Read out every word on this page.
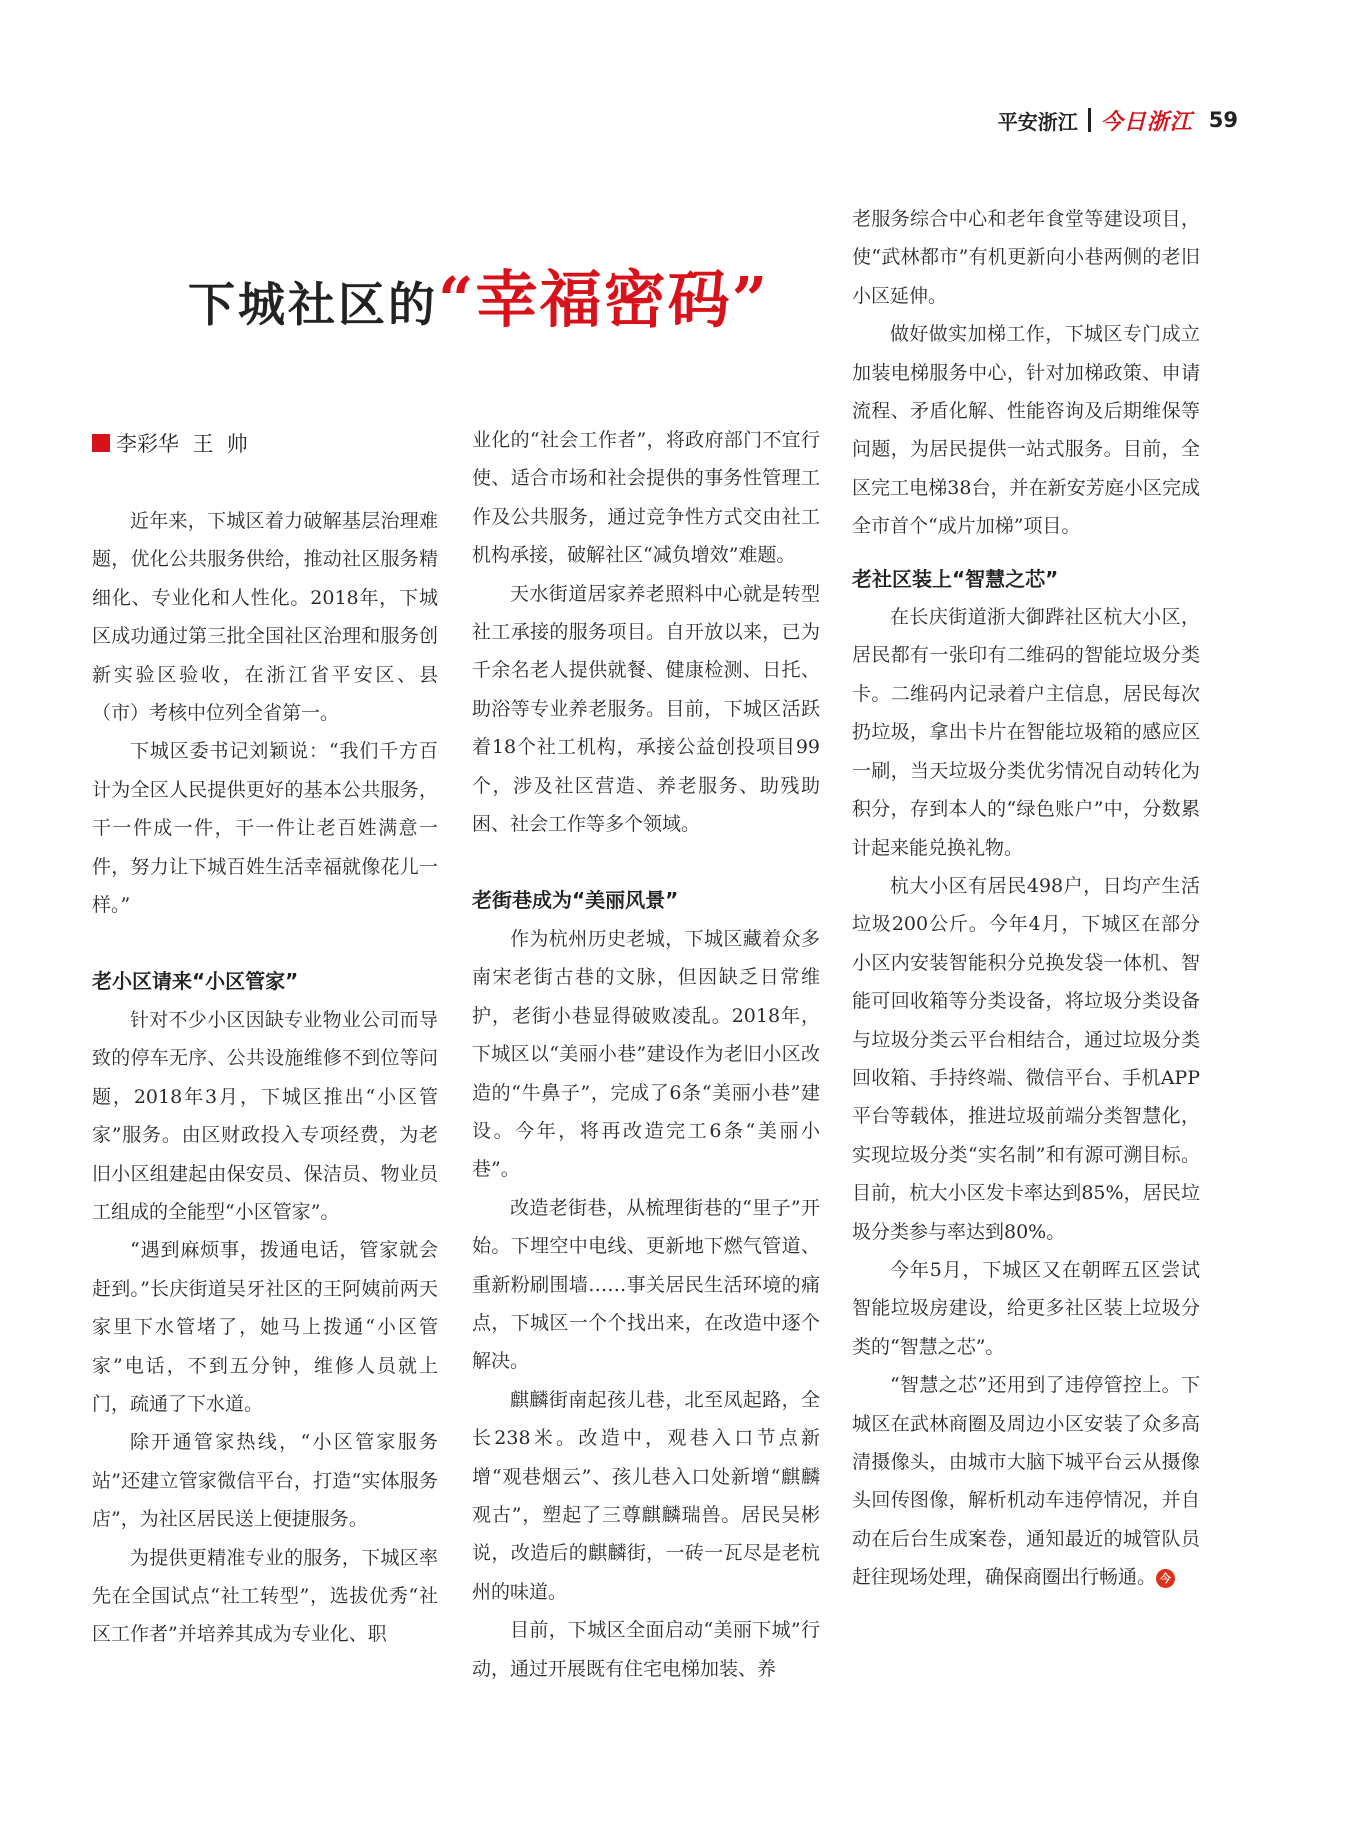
平安浙江 今日浙江 59
下城社区的“幸福密码”
李彩华  王  帅

近年来，下城区着力破解基层治理难题，优化公共服务供给，推动社区服务精细化、专业化和人性化。2018年，下城区成功通过第三批全国社区治理和服务创新实验区验收，在浙江省平安区、县（市）考核中位列全省第一。

下城区委书记刘颖说：“我们千方百计为全区人民提供更好的基本公共服务，干一件成一件，干一件让老百姓满意一件，努力让下城百姓生活幸福就像花儿一样。”

老小区请来“小区管家”

针对不少小区因缺专业物业公司而导致的停车无序、公共设施维修不到位等问题，2018年3月，下城区推出“小区管家”服务。由区财政投入专项经费，为老旧小区组建起由保安员、保洁员、物业员工组成的全能型“小区管家”。

“遇到麻烦事，拨通电话，管家就会赶到。”长庆街道吴牙社区的王阿姨前两天家里下水管堵了，她马上拨通“小区管家”电话，不到五分钟，维修人员就上门，疏通了下水道。

除开通管家热线，“小区管家服务站”还建立管家微信平台，打造“实体服务店”，为社区居民送上便捷服务。

为提供更精准专业的服务，下城区率先在全国试点“社工转型”，选拔优秀“社区工作者”并培养其成为专业化、职

业化的“社会工作者”，将政府部门不宜行使、适合市场和社会提供的事务性管理工作及公共服务，通过竞争性方式交由社工机构承接，破解社区“减负增效”难题。

天水街道居家养老照料中心就是转型社工承接的服务项目。自开放以来，已为千余名老人提供就餐、健康检测、日托、助浴等专业养老服务。目前，下城区活跃着18个社工机构，承接公益创投项目99个，涉及社区营造、养老服务、助残助困、社会工作等多个领域。

老街巷成为“美丽风景”

作为杭州历史老城，下城区藏着众多南宋老街古巷的文脉，但因缺乏日常维护，老街小巷显得破败凌乱。2018年，下城区以“美丽小巷”建设作为老旧小区改造的“牛鼻子”，完成了6条“美丽小巷”建设。今年，将再改造完工6条“美丽小巷”。

改造老街巷，从梳理街巷的“里子”开始。下埋空中电线、更新地下燃气管道、重新粉刷围墙……事关居民生活环境的痛点，下城区一个个找出来，在改造中逐个解决。

麒麟街南起孩儿巷，北至凤起路，全长238米。改造中，观巷入口节点新增“观巷烟云”、孩儿巷入口处新增“麒麟观古”，塑起了三尊麒麟瑞兽。居民吴彬说，改造后的麒麟街，一砖一瓦尽是老杭州的味道。

目前，下城区全面启动“美丽下城”行动，通过开展既有住宅电梯加装、养

老服务综合中心和老年食堂等建设项目，使“武林都市”有机更新向小巷两侧的老旧小区延伸。

做好做实加梯工作，下城区专门成立加装电梯服务中心，针对加梯政策、申请流程、矛盾化解、性能咨询及后期维保等问题，为居民提供一站式服务。目前，全区完工电梯38台，并在新安芳庭小区完成全市首个“成片加梯”项目。

老社区装上“智慧之芯”

在长庆街道浙大御跸社区杭大小区，居民都有一张印有二维码的智能垃圾分类卡。二维码内记录着户主信息，居民每次扔垃圾，拿出卡片在智能垃圾箱的感应区一刷，当天垃圾分类优劣情况自动转化为积分，存到本人的“绿色账户”中，分数累计起来能兑换礼物。

杭大小区有居民498户，日均产生活垃圾200公斤。今年4月，下城区在部分小区内安装智能积分兑换发袋一体机、智能可回收箱等分类设备，将垃圾分类设备与垃圾分类云平台相结合，通过垃圾分类回收箱、手持终端、微信平台、手机APP平台等载体，推进垃圾前端分类智慧化，实现垃圾分类“实名制”和有源可溯目标。目前，杭大小区发卡率达到85%，居民垃圾分类参与率达到80%。

今年5月，下城区又在朝晖五区尝试智能垃圾房建设，给更多社区装上垃圾分类的“智慧之芯”。

“智慧之芯”还用到了违停管控上。下城区在武林商圈及周边小区安装了众多高清摄像头，由城市大脑下城平台云从摄像头回传图像，解析机动车违停情况，并自动在后台生成案卷，通知最近的城管队员赶往现场处理，确保商圈出行畅通。 今
